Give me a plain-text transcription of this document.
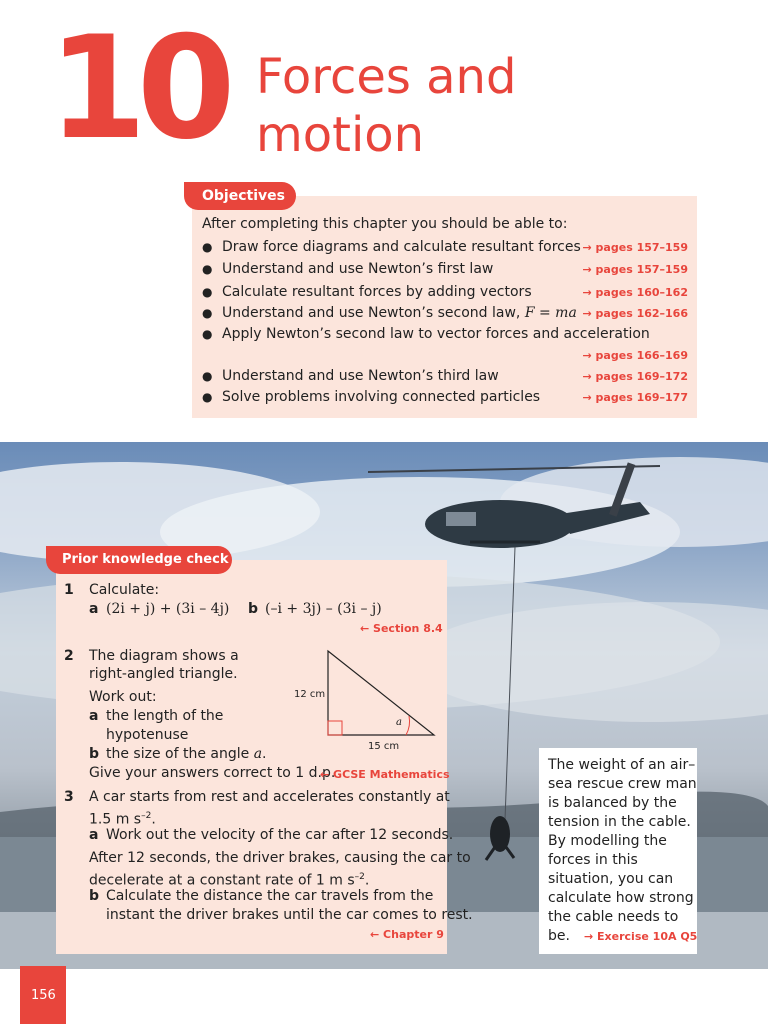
10 Forces and
motion
Objectives
After completing this chapter you should be able to:
● Draw force diagrams and calculate resultant forces → pages 157–159
● Understand and use Newton’s first law	→ pages 157–159
● Calculate resultant forces by adding vectors	→ pages 160–162
● Understand and use Newton’s second law, F = ma → pages 162–166
● Apply Newton’s second law to vector forces and acceleration
→ pages 166–169
● Understand and use Newton’s third law	→ pages 169–172
● Solve problems involving connected particles	→ pages 169–177
Prior knowledge check
1 Calculate:
a (2i + j) + (3i – 4j) b (–i + 3j) – (3i – j)
← Section 8.4
2 The diagram shows a
right-angled triangle.
Work out:
a the length of the
hypotenuse
b the size of the angle a.
Give your answers correct to 1 d.p.
← GCSE Mathematics
12 cm
15 cm
a
3 A car starts from rest and accelerates constantly at
1.5 m $s^{-2}$.
a Work out the velocity of the car after 12 seconds.
After 12 seconds, the driver brakes, causing the car to
decelerate at a constant rate of 1 m $s^{-2}$.
b Calculate the distance the car travels from the
instant the driver brakes until the car comes to rest.
← Chapter 9
The weight of an air–sea rescue crew man is balanced by the tension in the cable. By modelling the forces in this situation, you can calculate how strong the cable needs to be.	→ Exercise 10A Q5
156
